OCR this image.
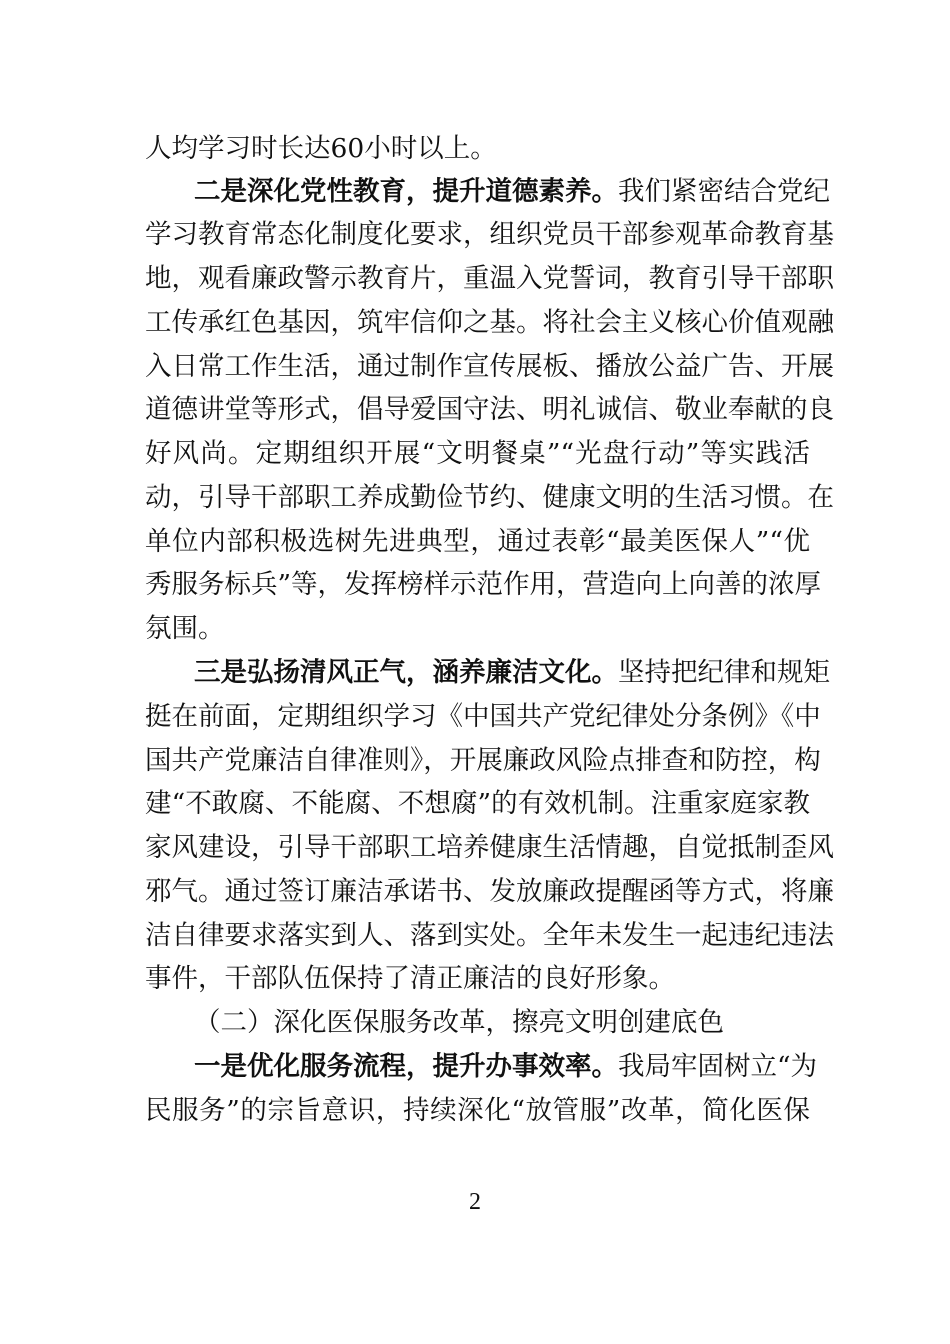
人均学习时长达60小时以上。
二是深化党性教育，提升道德素养。我们紧密结合党纪
学习教育常态化制度化要求，组织党员干部参观革命教育基
地，观看廉政警示教育片，重温入党誓词，教育引导干部职
工传承红色基因，筑牢信仰之基。将社会主义核心价值观融
入日常工作生活，通过制作宣传展板、播放公益广告、开展
道德讲堂等形式，倡导爱国守法、明礼诚信、敬业奉献的良
好风尚。定期组织开展“文明餐桌”“光盘行动”等实践活
动，引导干部职工养成勤俭节约、健康文明的生活习惯。在
单位内部积极选树先进典型，通过表彰“最美医保人”“优
秀服务标兵”等，发挥榜样示范作用，营造向上向善的浓厚
氛围。
三是弘扬清风正气，涵养廉洁文化。坚持把纪律和规矩
挺在前面，定期组织学习《中国共产党纪律处分条例》《中
国共产党廉洁自律准则》，开展廉政风险点排查和防控，构
建“不敢腐、不能腐、不想腐”的有效机制。注重家庭家教
家风建设，引导干部职工培养健康生活情趣，自觉抵制歪风
邪气。通过签订廉洁承诺书、发放廉政提醒函等方式，将廉
洁自律要求落实到人、落到实处。全年未发生一起违纪违法
事件，干部队伍保持了清正廉洁的良好形象。
（二）深化医保服务改革，擦亮文明创建底色
一是优化服务流程，提升办事效率。我局牢固树立“为
民服务”的宗旨意识，持续深化“放管服”改革，简化医保
2
